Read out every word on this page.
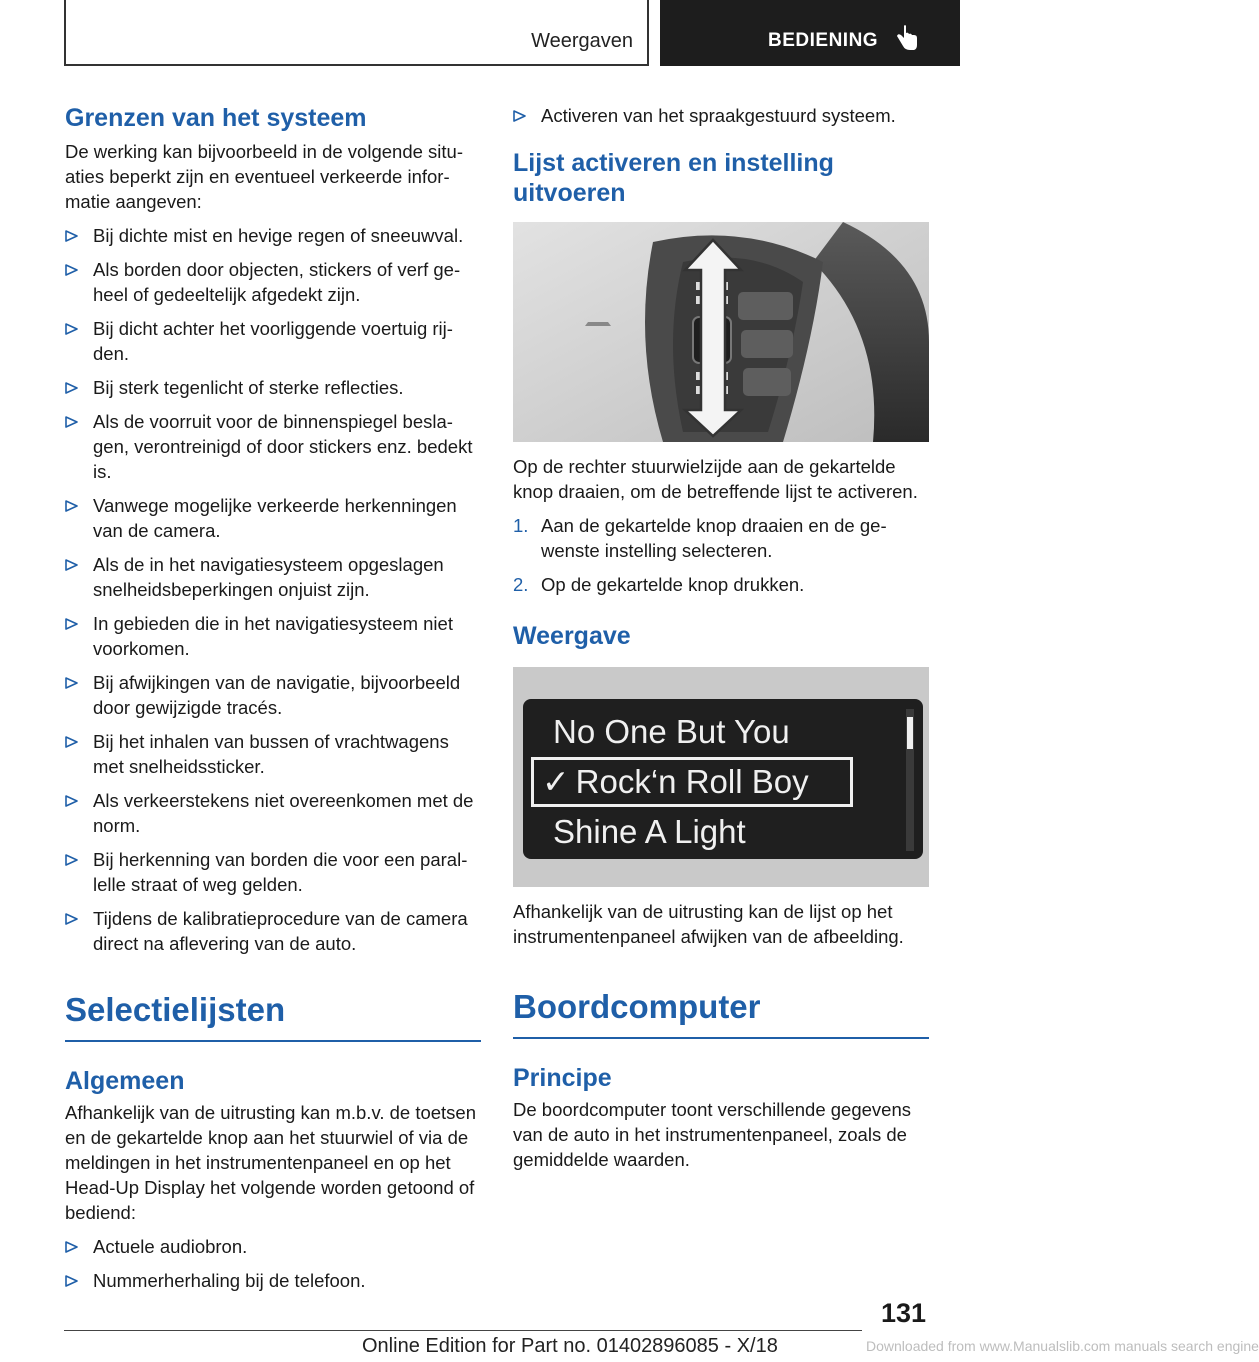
Weergaven	BEDIENING
Grenzen van het systeem
De werking kan bijvoorbeeld in de volgende situaties beperkt zijn en eventueel verkeerde informatie aangeven:
Bij dichte mist en hevige regen of sneeuwval.
Als borden door objecten, stickers of verf geheel of gedeeltelijk afgedekt zijn.
Bij dicht achter het voorliggende voertuig rijden.
Bij sterk tegenlicht of sterke reflecties.
Als de voorruit voor de binnenspiegel beslagen, verontreinigd of door stickers enz. bedekt is.
Vanwege mogelijke verkeerde herkenningen van de camera.
Als de in het navigatiesysteem opgeslagen snelheidsbeperkingen onjuist zijn.
In gebieden die in het navigatiesysteem niet voorkomen.
Bij afwijkingen van de navigatie, bijvoorbeeld door gewijzigde tracés.
Bij het inhalen van bussen of vrachtwagens met snelheidssticker.
Als verkeerstekens niet overeenkomen met de norm.
Bij herkenning van borden die voor een parallelle straat of weg gelden.
Tijdens de kalibratieprocedure van de camera direct na aflevering van de auto.
Selectielijsten
Algemeen
Afhankelijk van de uitrusting kan m.b.v. de toetsen en de gekartelde knop aan het stuurwiel of via de meldingen in het instrumentenpaneel en op het Head-Up Display het volgende worden getoond of bediend:
Actuele audiobron.
Nummerherhaling bij de telefoon.
Activeren van het spraakgestuurd systeem.
Lijst activeren en instelling uitvoeren
Op de rechter stuurwielzijde aan de gekartelde knop draaien, om de betreffende lijst te activeren.
1. Aan de gekartelde knop draaien en de gewenste instelling selecteren.
2. Op de gekartelde knop drukken.
Weergave
No One But You
✓ Rock‘n Roll Boy
Shine A Light
Afhankelijk van de uitrusting kan de lijst op het instrumentenpaneel afwijken van de afbeelding.
Boordcomputer
Principe
De boordcomputer toont verschillende gegevens van de auto in het instrumentenpaneel, zoals de gemiddelde waarden.
131
Online Edition for Part no. 01402896085 - X/18	Downloaded from www.Manualslib.com manuals search engine
